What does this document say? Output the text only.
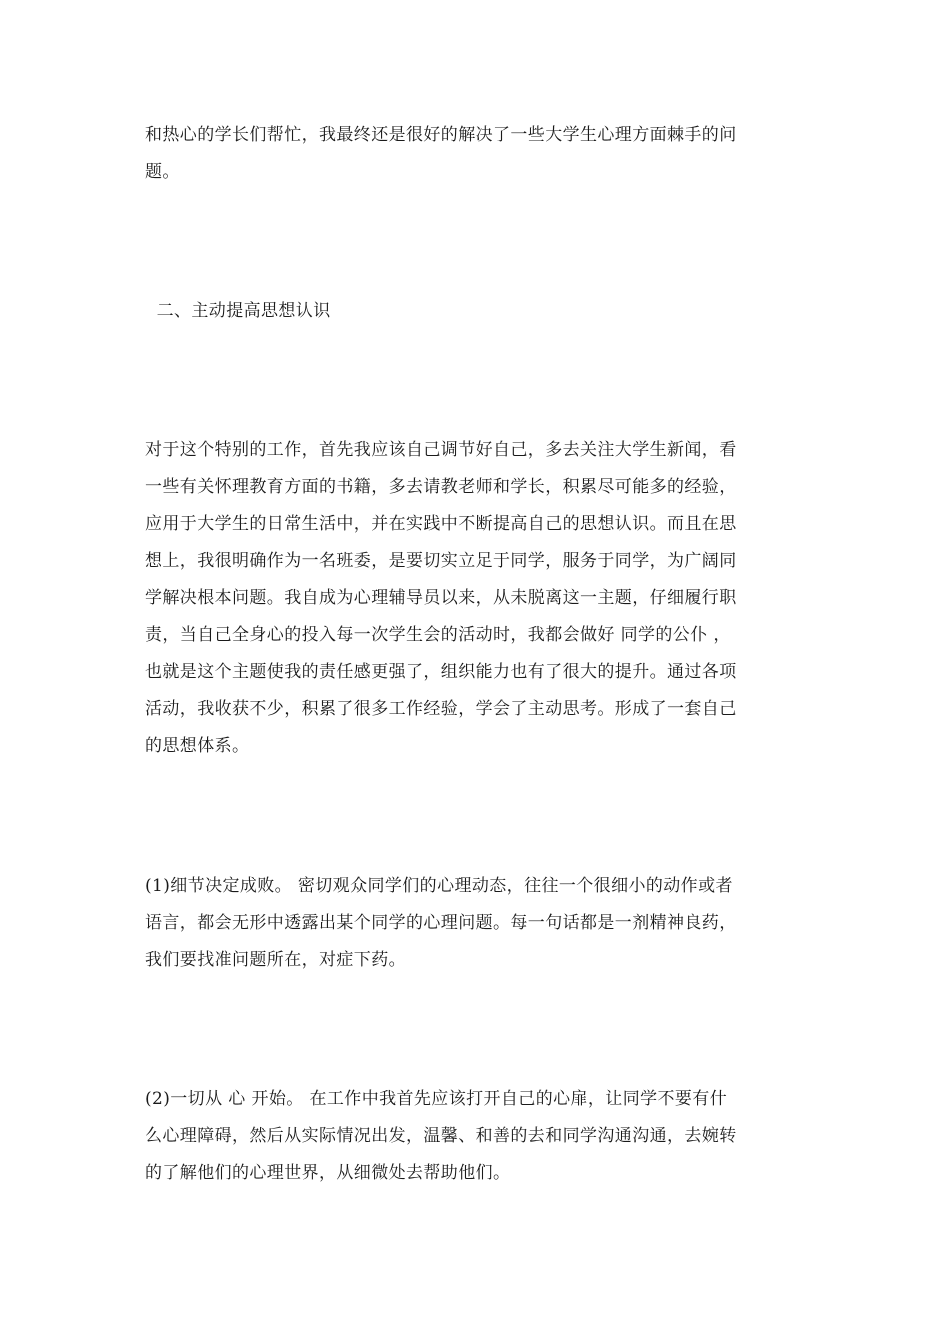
和热心的学长们帮忙，我最终还是很好的解决了一些大学生心理方面棘手的问
题。
二、主动提高思想认识
对于这个特别的工作，首先我应该自己调节好自己，多去关注大学生新闻，看
一些有关怀理教育方面的书籍，多去请教老师和学长，积累尽可能多的经验，
应用于大学生的日常生活中，并在实践中不断提高自己的思想认识。而且在思
想上，我很明确作为一名班委，是要切实立足于同学，服务于同学，为广阔同
学解决根本问题。我自成为心理辅导员以来，从未脱离这一主题，仔细履行职
责，当自己全身心的投入每一次学生会的活动时，我都会做好 同学的公仆 ，
也就是这个主题使我的责任感更强了，组织能力也有了很大的提升。通过各项
活动，我收获不少，积累了很多工作经验，学会了主动思考。形成了一套自己
的思想体系。
(1)细节决定成败。 密切观众同学们的心理动态，往往一个很细小的动作或者
语言，都会无形中透露出某个同学的心理问题。每一句话都是一剂精神良药，
我们要找准问题所在，对症下药。
(2)一切从 心 开始。 在工作中我首先应该打开自己的心扉，让同学不要有什
么心理障碍，然后从实际情况出发，温馨、和善的去和同学沟通沟通，去婉转
的了解他们的心理世界，从细微处去帮助他们。
